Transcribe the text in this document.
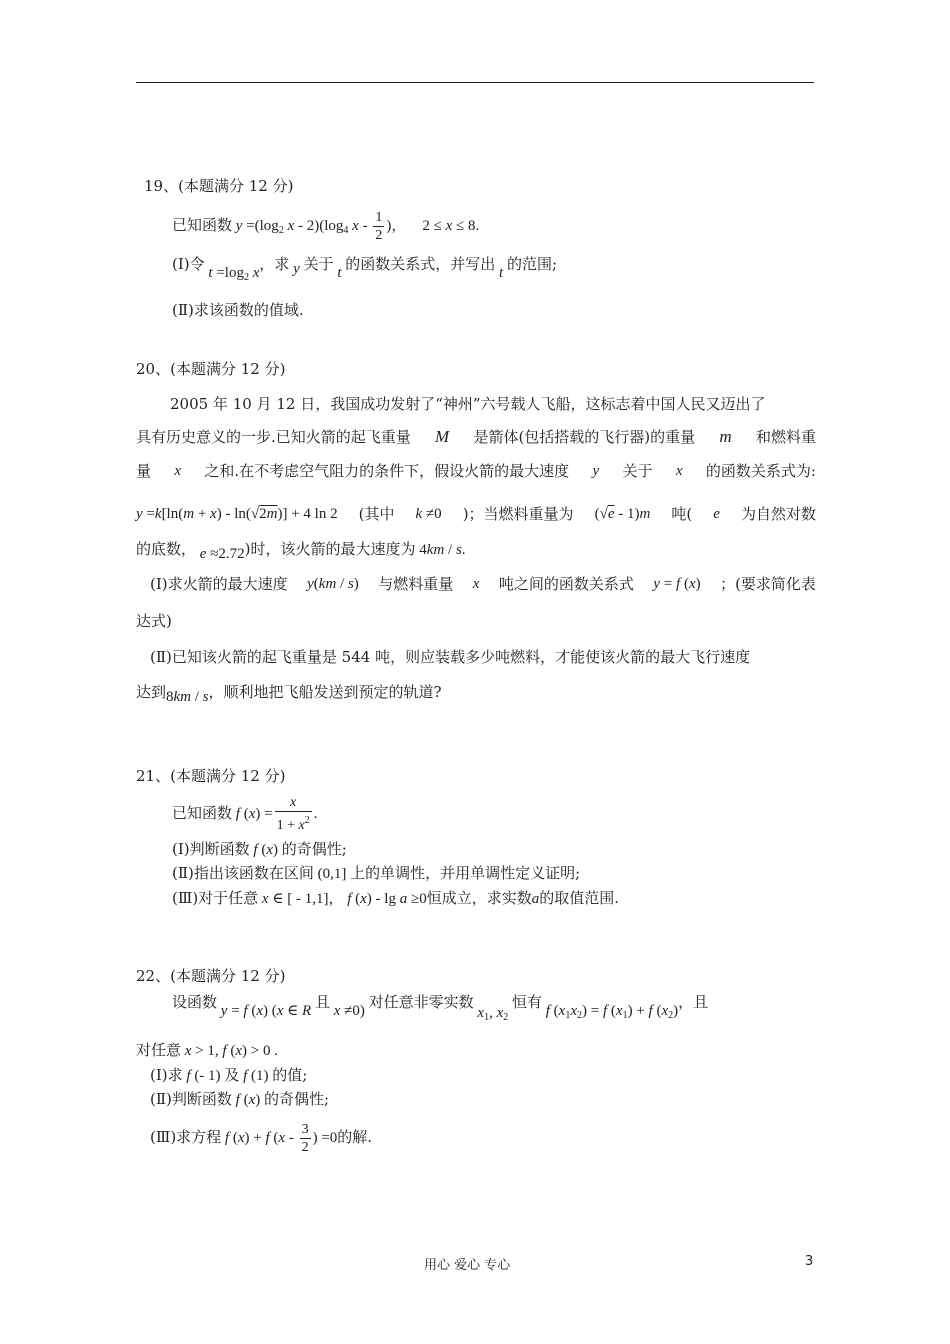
19、(本题满分 12 分)
已知函数 $y =(\log_2$ x - $2)(\log_4$ x - $\frac{1}{2}$ )， 2 ≤ x ≤ 8.
(Ⅰ)令 $t =\log_2$ x，求 y 关于 t 的函数关系式，并写出 t 的范围;
(Ⅱ)求该函数的值域.
20、(本题满分 12 分)
2005 年 10 月 12 日，我国成功发射了“神州”六号载人飞船，这标志着中国人民又迈出了
具有历史意义的一步.已知火箭的起飞重量 M 是箭体(包括搭载的飞行器)的重量 m 和燃料重
量 x 之和.在不考虑空气阻力的条件下，假设火箭的最大速度 y 关于 x 的函数关系式为:
y =k[ln(m + x) - ln(√2m)] + 4 ln 2 (其中 k ≠0 )；当燃料重量为 (√e - 1)m 吨( e 为自然对数
的底数， e ≈2.72)时，该火箭的最大速度为 4km / s.
(Ⅰ)求火箭的最大速度 y(km / s) 与燃料重量 x 吨之间的函数关系式 y = f (x) ；(要求简化表
达式)
(Ⅱ)已知该火箭的起飞重量是 544 吨，则应装载多少吨燃料，才能使该火箭的最大飞行速度
达到8km / s，顺利地把飞船发送到预定的轨道?
21、(本题满分 12 分)
已知函数 f $(x) = \frac{x}{1 + x^2}$ .
(Ⅰ)判断函数 f (x) 的奇偶性;
(Ⅱ)指出该函数在区间 (0,1] 上的单调性，并用单调性定义证明;
(Ⅲ)对于任意 x ∈ [ - 1,1]， f (x) - lg a ≥0恒成立，求实数a的取值范围.
22、(本题满分 12 分)
设函数 y = f (x) (x ∈ R 且 x ≠0) 对任意非零实数 $x_1$, $x_2$ 恒有 f $(x_1x_2) = f$ $(x_1) + f$ $(x_2)$，且
对任意 x > 1, f (x) > 0 .
(Ⅰ)求 f (- 1) 及 f (1) 的值;
(Ⅱ)判断函数 f (x) 的奇偶性;
(Ⅲ)求方程 f (x) + f ($x - \frac{3}{2}$ ) =0的解.
用心 爱心 专心	3
